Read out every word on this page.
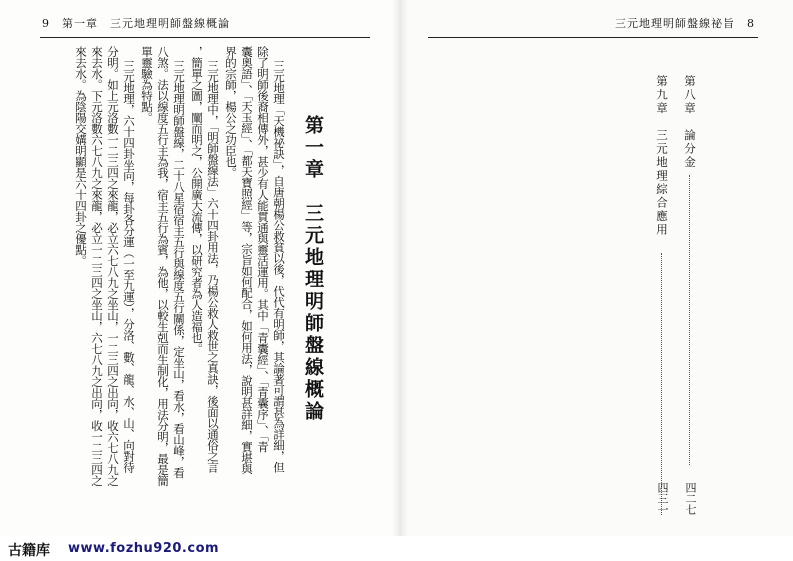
9　第一章　三元地理明師盤線概論
第一章　三元地理明師盤線概論
三元地理「天機祕訣」，自唐朝楊公救貧以後，代代有明師，其論著可謂甚為詳細，但
除了明師後裔相傳外，甚少有人能貫通與靈活運用。其中「青囊經」、「青囊序」、「青
囊奧語」、「天玉經」、「都天寶照經」等，宗旨如何配合，如何用法，說明甚詳細，實堪與
界的宗師，楊公之功臣也。
三元地理中，「明師盤線法」六十四卦用法，乃楊公救人救世之真訣，後面以通俗之言
，簡單之圖，闡而明之，公開廣大流傳，以研究者為人造福也。
三元地理明師盤線，二十八星宿宿主五行與線度五行關係，定坐山，看水，看山峰，看
八煞。法以線度五行主為我，宿主五行為賓，為他，以較生剋而生制化，用法分明，最是簡
單靈驗為特點。
三元地理，六十四卦坐向，每卦各分運（一至九運），分洛、數、龍、水、山、向對待
分明。如上元洛數一二三四之來龍，必立六七八九之坐山，一二三四之出向，收六七八九之
來去水。下元洛數六七八九之來龍，必立一二三四之坐山，六七八九之出向，收一二三四之
來去水。為陰陽交媾明顯是六十四卦之優點。
三元地理明師盤線祕旨　8
第八章　論分金
四二七
第九章　三元地理綜合應用
四三一
古籍库 www.fozhu920.com
